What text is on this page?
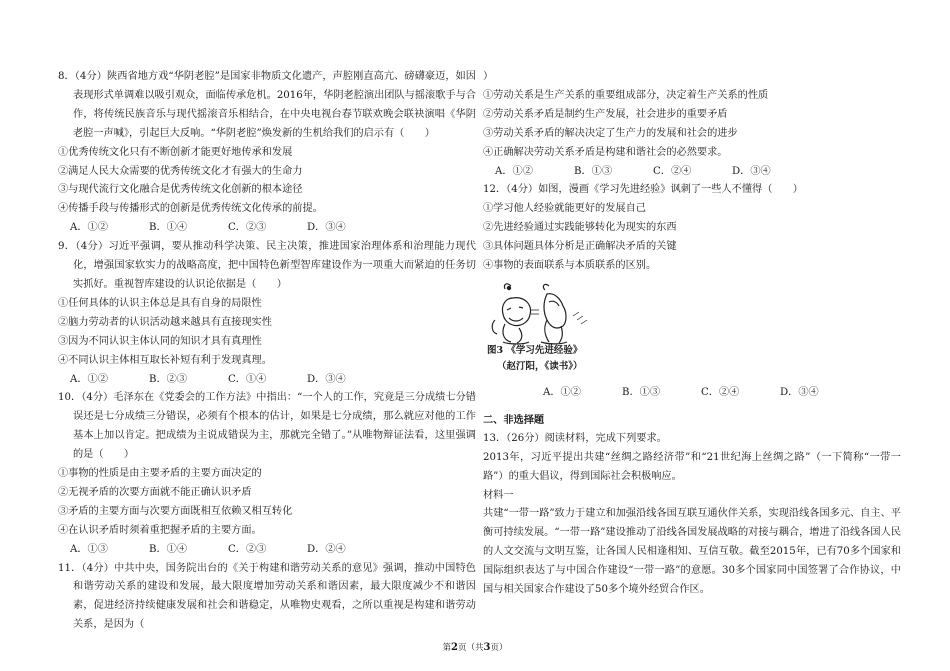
8．（4分）陕西省地方戏“华阴老腔”是国家非物质文化遗产，声腔刚直高亢、磅礴豪迈，如因表现形式单调难以吸引观众，面临传承危机。2016年，华阴老腔演出团队与摇滚歌手与合作，将传统民族音乐与现代摇滚音乐相结合，在中央电视台春节联欢晚会联袂演唱《华阴老腔一声喊》，引起巨大反响。“华阴老腔”焕发新的生机给我们的启示有（　　）

①优秀传统文化只有不断创新才能更好地传承和发展

②满足人民大众需要的优秀传统文化才有强大的生命力

③与现代流行文化融合是优秀传统文化创新的根本途径

④传播手段与传播形式的创新是优秀传统文化传承的前提。

A．①②	B．①④	C．②③	D．③④

9．（4分）习近平强调，要从推动科学决策、民主决策，推进国家治理体系和治理能力现代化，增强国家软实力的战略高度，把中国特色新型智库建设作为一项重大而紧迫的任务切实抓好。重视智库建设的认识论依据是（　　）

①任何具体的认识主体总是具有自身的局限性

②脑力劳动者的认识活动越来越具有直接现实性

③因为不同认识主体认同的知识才具有真理性

④不同认识主体相互取长补短有利于发现真理。

A．①②	B．②③	C．①④	D．③④

10．（4分）毛泽东在《党委会的工作方法》中指出：“一个人的工作，究竟是三分成绩七分错误还是七分成绩三分错误，必须有个根本的估计，如果是七分成绩，那么就应对他的工作基本上加以肯定。把成绩为主说成错误为主，那就完全错了。”从唯物辩证法看，这里强调的是（　　）

①事物的性质是由主要矛盾的主要方面决定的

②无视矛盾的次要方面就不能正确认识矛盾

③矛盾的主要方面与次要方面既相互依赖又相互转化

④在认识矛盾时须着重把握矛盾的主要方面。

A．①③	B．①④	C．②③	D．②④

11．（4分）中共中央，国务院出台的《关于构建和谐劳动关系的意见》强调，推动中国特色和谐劳动关系的建设和发展，最大限度增加劳动关系和谐因素，最大限度减少不和谐因素，促进经济持续健康发展和社会和谐稳定，从唯物史观看，之所以重视是构建和谐劳动关系，是因为（

）

①劳动关系是生产关系的重要组成部分，决定着生产关系的性质

②劳动关系矛盾是制约生产发展，社会进步的重要矛盾

③劳动关系矛盾的解决决定了生产力的发展和社会的进步

④正确解决劳动关系矛盾是构建和谐社会的必然要求。

A．①②	B．①③	C．②④	D．③④

12．（4分）如图，漫画《学习先进经验》讽刺了一些人不懂得（　　）

①学习他人经验就能更好的发展自己

②先进经验通过实践能够转化为现实的东西

③具体问题具体分析是正确解决矛盾的关键

④事物的表面联系与本质联系的区别。

图3 《学习先进经验》
（赵汀阳，《读书》）
A．①②	B．①③	C．②④	D．③④

二、非选择题

13．（26分）阅读材料，完成下列要求。

2013年，习近平提出共建“丝绸之路经济带”和“21世纪海上丝绸之路”（一下简称“一带一路”）的重大倡议，得到国际社会积极响应。

材料一

共建“一带一路”致力于建立和加强沿线各国互联互通伙伴关系，实现沿线各国多元、自主、平衡可持续发展。“一带一路”建设推动了沿线各国发展战略的对接与耦合，增进了沿线各国人民的人文交流与文明互鉴，让各国人民相逢相知、互信互敬。截至2015年，已有70多个国家和国际组织表达了与中国合作建设“一带一路”的意愿。30多个国家同中国签署了合作协议，中国与相关国家合作建设了50多个境外经贸合作区。

第2页（共3页）
